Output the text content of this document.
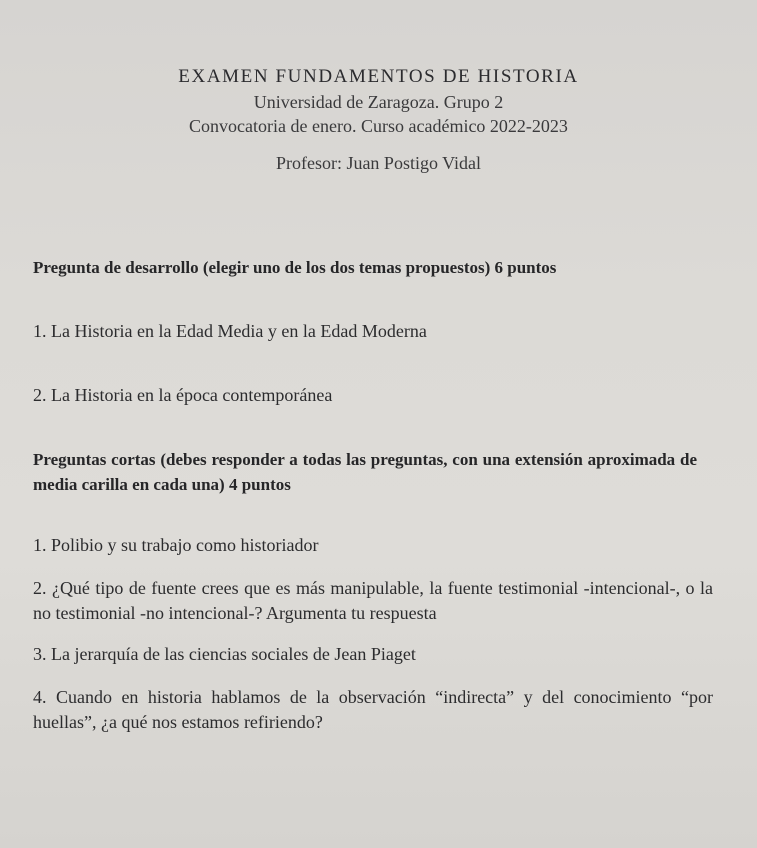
EXAMEN FUNDAMENTOS DE HISTORIA
Universidad de Zaragoza. Grupo 2
Convocatoria de enero. Curso académico 2022-2023
Profesor: Juan Postigo Vidal
Pregunta de desarrollo (elegir uno de los dos temas propuestos) 6 puntos
1. La Historia en la Edad Media y en la Edad Moderna
2. La Historia en la época contemporánea
Preguntas cortas (debes responder a todas las preguntas, con una extensión aproximada de media carilla en cada una) 4 puntos
1. Polibio y su trabajo como historiador
2. ¿Qué tipo de fuente crees que es más manipulable, la fuente testimonial -intencional-, o la no testimonial -no intencional-? Argumenta tu respuesta
3. La jerarquía de las ciencias sociales de Jean Piaget
4. Cuando en historia hablamos de la observación “indirecta” y del conocimiento “por huellas”, ¿a qué nos estamos refiriendo?
